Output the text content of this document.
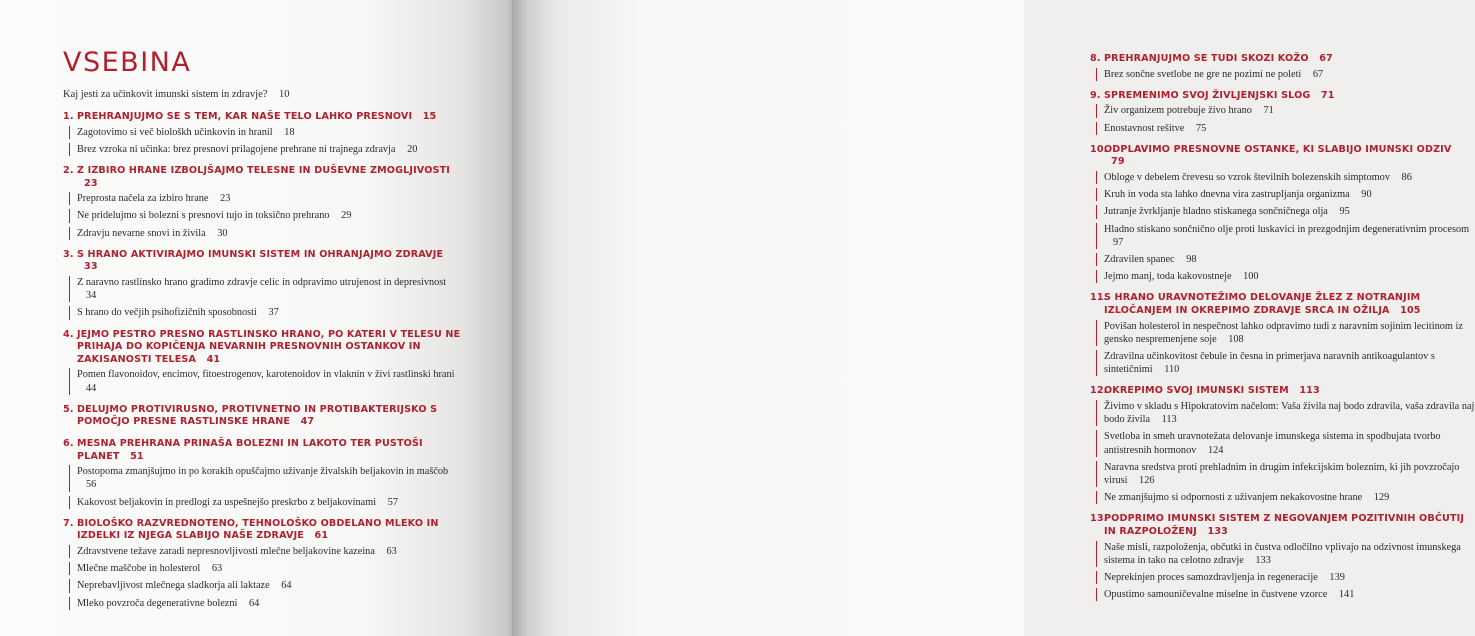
VSEBINA
Kaj jesti za učinkovit imunski sistem in zdravje? 10
1. PREHRANJUJMO SE S TEM, KAR NAŠE TELO LAHKO PRESNOVI 15
Zagotovimo si več biološkh učinkovin in hranil 18
Brez vzroka ni učinka: brez presnovi prilagojene prehrane ni trajnega zdravja 20
2. Z IZBIRO HRANE IZBOLJŠAJMO TELESNE IN DUŠEVNE ZMOGLJIVOSTI 23
Preprosta načela za izbiro hrane 23
Ne pridelujmo si bolezni s presnovi tujo in toksično prehrano 29
Zdravju nevarne snovi in živila 30
3. S HRANO AKTIVIRAJMO IMUNSKI SISTEM IN OHRANJAJMO ZDRAVJE 33
Z naravno rastlinsko hrano gradimo zdravje celic in odpravimo utrujenost in depresivnost 34
S hrano do večjih psihofizičnih sposobnosti 37
4. JEJMO PESTRO PRESNO RASTLINSKO HRANO, PO KATERI V TELESU NE PRIHAJA DO KOPIČENJA NEVARNIH PRESNOVNIH OSTANKOV IN ZAKISANOSTI TELESA 41
Pomen flavonoidov, encimov, fitoestrogenov, karotenoidov in vlaknin v živi rastlinski hrani 44
5. DELUJMO PROTIVIRUSNO, PROTIVNETNO IN PROTIBAKTERIJSKO S POMOČJO PRESNE RASTLINSKE HRANE 47
6. MESNA PREHRANA PRINAŠA BOLEZNI IN LAKOTO TER PUSTOŠI PLANET 51
Postopoma zmanjšujmo in po korakih opuščajmo uživanje živalskih beljakovin in maščob 56
Kakovost beljakovin in predlogi za uspešnejšo preskrbo z beljakovinami 57
7. BIOLOŠKO RAZVREDNOTENO, TEHNOLOŠKO OBDELANO MLEKO IN IZDELKI IZ NJEGA SLABIJO NAŠE ZDRAVJE 61
Zdravstvene težave zaradi nepresnovljivosti mlečne beljakovine kazeina 63
Mlečne maščobe in holesterol 63
Neprebavljivost mlečnega sladkorja ali laktaze 64
Mleko povzroča degenerativne bolezni 64
8. PREHRANJUJMO SE TUDI SKOZI KOŽO 67
Brez sončne svetlobe ne gre ne pozimi ne poleti 67
9. SPREMENIMO SVOJ ŽIVLJENJSKI SLOG 71
Živ organizem potrebuje živo hrano 71
Enostavnost rešitve 75
10.
ODPLAVIMO PRESNOVNE OSTANKE, KI SLABIJO IMUNSKI ODZIV 79
Obloge v debelem črevesu so vzrok številnih bolezenskih simptomov 86
Kruh in voda sta lahko dnevna vira zastrupljanja organizma 90
Jutranje žvrkljanje hladno stiskanega sončničnega olja 95
Hladno stiskano sončnično olje proti luskavici in prezgodnjim degenerativnim procesom 97
Zdravilen spanec 98
Jejmo manj, toda kakovostneje 100
11.
S HRANO URAVNOTEŽIMO DELOVANJE ŽLEZ Z NOTRANJIM IZLOČANJEM IN OKREPIMO ZDRAVJE SRCA IN OŽILJA 105
Povišan holesterol in nespečnost lahko odpravimo tudi z naravnim sojinim lecitinom iz gensko nespremenjene soje 108
Zdravilna učinkovitost čebule in česna in primerjava naravnih antikoagulantov s sintetičnimi 110
12.
OKREPIMO SVOJ IMUNSKI SISTEM 113
Živimo v skladu s Hipokratovim načelom: Vaša živila naj bodo zdravila, vaša zdravila naj bodo živila 113
Svetloba in smeh uravnotežata delovanje imunskega sistema in spodbujata tvorbo antistresnih hormonov 124
Naravna sredstva proti prehladnim in drugim infekcijskim boleznim, ki jih povzročajo virusi 126
Ne zmanjšujmo si odpornosti z uživanjem nekakovostne hrane 129
13.
PODPRIMO IMUNSKI SISTEM Z NEGOVANJEM POZITIVNIH OBČUTIJ IN RAZPOLOŽENJ 133
Naše misli, razpoloženja, občutki in čustva odločilno vplivajo na odzivnost imunskega sistema in tako na celotno zdravje 133
Neprekinjen proces samozdravljenja in regeneracije 139
Opustimo samouničevalne miselne in čustvene vzorce 141
